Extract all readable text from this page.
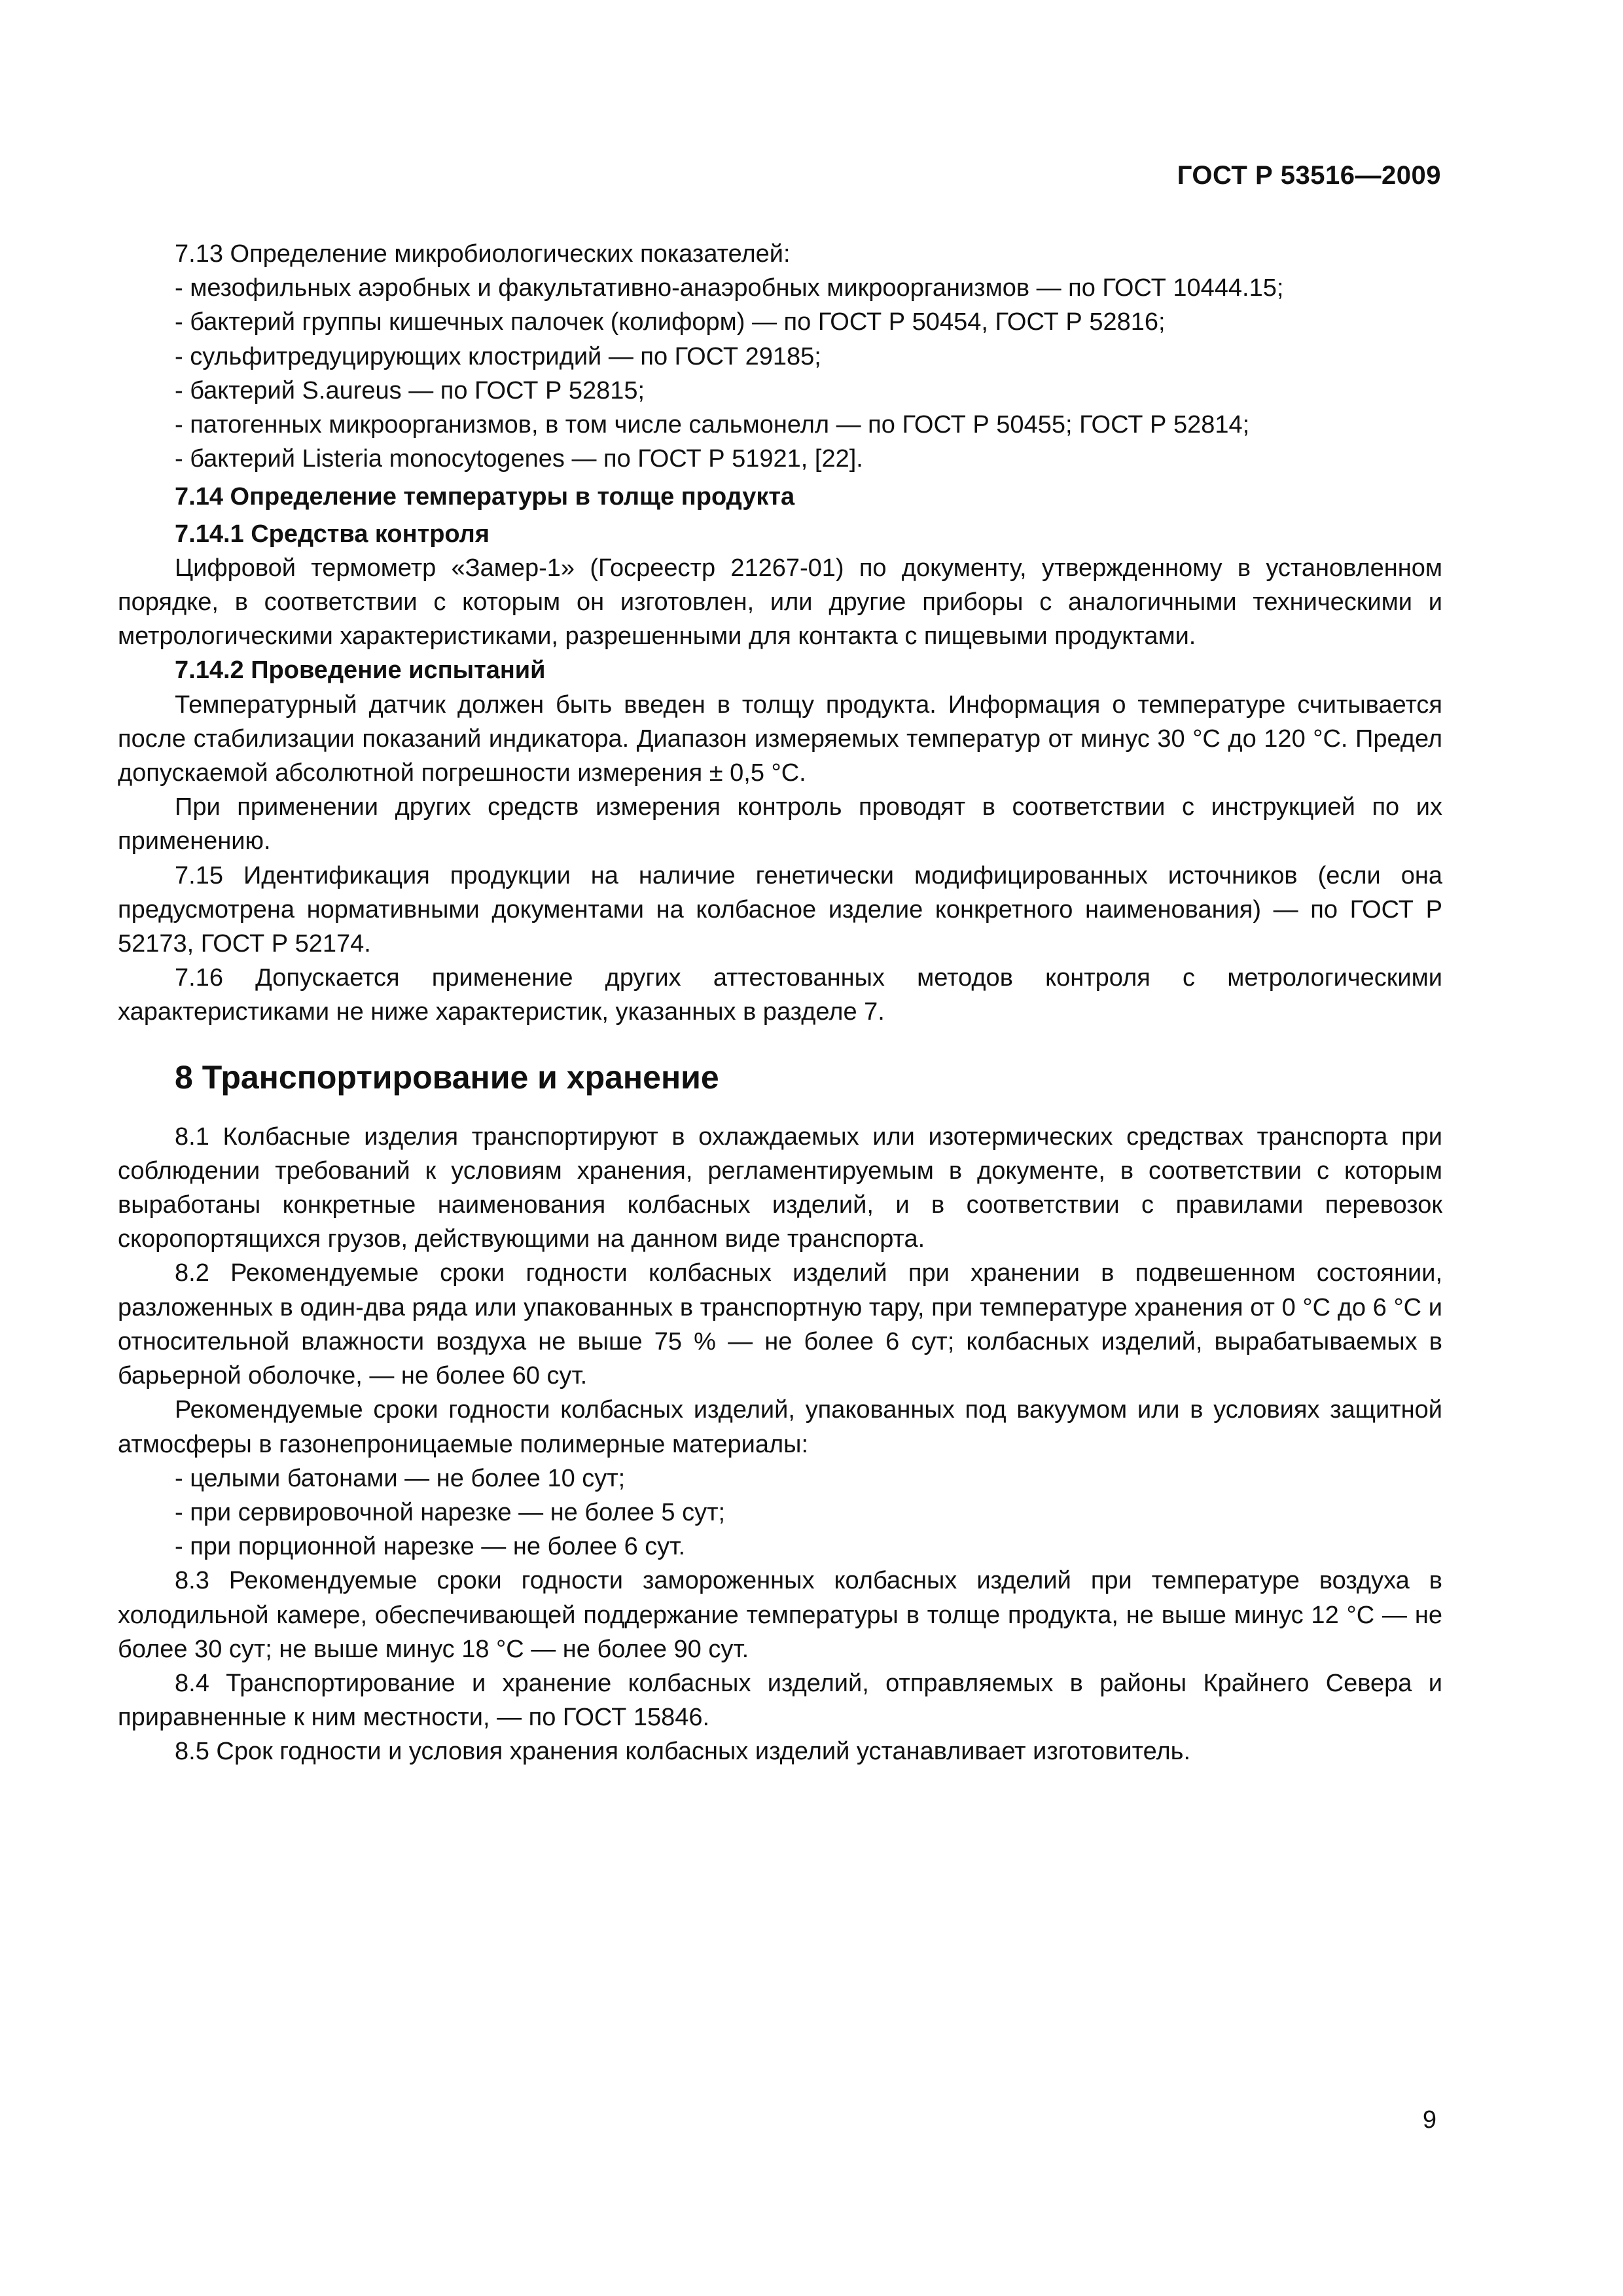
ГОСТ Р 53516—2009

7.13 Определение микробиологических показателей:

- мезофильных аэробных и факультативно-анаэробных микроорганизмов — по ГОСТ 10444.15;

- бактерий группы кишечных палочек (колиформ) — по ГОСТ Р 50454, ГОСТ Р 52816;

- сульфитредуцирующих клостридий — по ГОСТ 29185;

- бактерий S.aureus — по ГОСТ Р 52815;

- патогенных микроорганизмов, в том числе сальмонелл — по ГОСТ Р 50455; ГОСТ Р 52814;

- бактерий Listeria monocytogenes — по ГОСТ Р 51921, [22].

7.14 Определение температуры в толще продукта

7.14.1 Средства контроля

Цифровой термометр «Замер-1» (Госреестр 21267-01) по документу, утвержденному в установленном порядке, в соответствии с которым он изготовлен, или другие приборы с аналогичными техническими и метрологическими характеристиками, разрешенными для контакта с пищевыми продуктами.

7.14.2 Проведение испытаний

Температурный датчик должен быть введен в толщу продукта. Информация о температуре считывается после стабилизации показаний индикатора. Диапазон измеряемых температур от минус 30 °С до 120 °С. Предел допускаемой абсолютной погрешности измерения ± 0,5 °С.

При применении других средств измерения контроль проводят в соответствии с инструкцией по их применению.

7.15 Идентификация продукции на наличие генетически модифицированных источников (если она предусмотрена нормативными документами на колбасное изделие конкретного наименования) — по ГОСТ Р 52173, ГОСТ Р 52174.

7.16 Допускается применение других аттестованных методов контроля с метрологическими характеристиками не ниже характеристик, указанных в разделе 7.

8 Транспортирование и хранение

8.1 Колбасные изделия транспортируют в охлаждаемых или изотермических средствах транспорта при соблюдении требований к условиям хранения, регламентируемым в документе, в соответствии с которым выработаны конкретные наименования колбасных изделий, и в соответствии с правилами перевозок скоропортящихся грузов, действующими на данном виде транспорта.

8.2 Рекомендуемые сроки годности колбасных изделий при хранении в подвешенном состоянии, разложенных в один-два ряда или упакованных в транспортную тару, при температуре хранения от 0 °С до 6 °С и относительной влажности воздуха не выше 75 % — не более 6 сут; колбасных изделий, вырабатываемых в барьерной оболочке, — не более 60 сут.

Рекомендуемые сроки годности колбасных изделий, упакованных под вакуумом или в условиях защитной атмосферы в газонепроницаемые полимерные материалы:

- целыми батонами — не более 10 сут;

- при сервировочной нарезке — не более 5 сут;

- при порционной нарезке — не более 6 сут.

8.3 Рекомендуемые сроки годности замороженных колбасных изделий при температуре воздуха в холодильной камере, обеспечивающей поддержание температуры в толще продукта, не выше минус 12 °С — не более 30 сут; не выше минус 18 °С — не более 90 сут.

8.4 Транспортирование и хранение колбасных изделий, отправляемых в районы Крайнего Севера и приравненные к ним местности, — по ГОСТ 15846.

8.5 Срок годности и условия хранения колбасных изделий устанавливает изготовитель.

9
